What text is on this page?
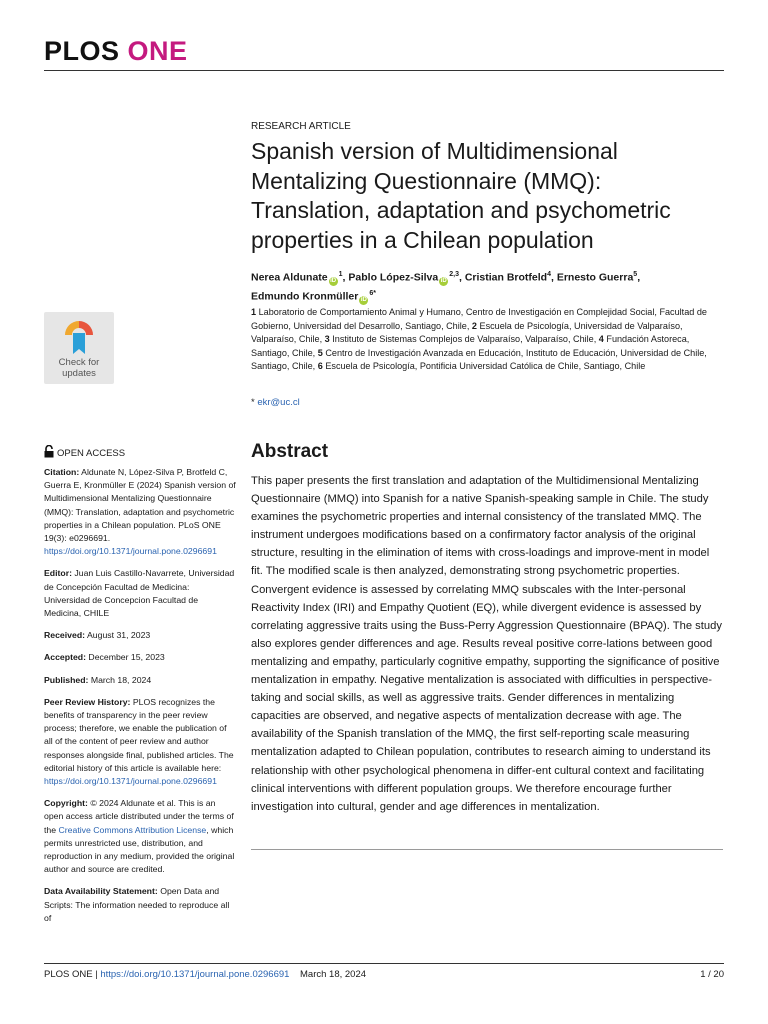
PLOS ONE
RESEARCH ARTICLE
Spanish version of Multidimensional Mentalizing Questionnaire (MMQ): Translation, adaptation and psychometric properties in a Chilean population
Nerea Aldunate $iD^1$, Pablo López-Silva iD$^{2,3}$, Cristian Brotfeld$^4$, Ernesto Guerra$^5$,
Edmundo Kronmüller $iD^{6*}$
1 Laboratorio de Comportamiento Animal y Humano, Centro de Investigación en Complejidad Social, Facultad de Gobierno, Universidad del Desarrollo, Santiago, Chile, 2 Escuela de Psicología, Universidad de Valparaíso, Valparaíso, Chile, 3 Instituto de Sistemas Complejos de Valparaíso, Valparaíso, Chile, 4 Fundación Astoreca, Santiago, Chile, 5 Centro de Investigación Avanzada en Educación, Instituto de Educación, Universidad de Chile, Santiago, Chile, 6 Escuela de Psicología, Pontificia Universidad Católica de Chile, Santiago, Chile
* ekr@uc.cl
Check for
updates
OPEN ACCESS
Citation: Aldunate N, López-Silva P, Brotfeld C, Guerra E, Kronmüller E (2024) Spanish version of Multidimensional Mentalizing Questionnaire (MMQ): Translation, adaptation and psychometric properties in a Chilean population. PLoS ONE 19(3): e0296691. https://doi.org/10.1371/journal.pone.0296691
Editor: Juan Luis Castillo-Navarrete, Universidad de Concepción Facultad de Medicina: Universidad de Concepcion Facultad de Medicina, CHILE
Received: August 31, 2023
Accepted: December 15, 2023
Published: March 18, 2024
Peer Review History: PLOS recognizes the benefits of transparency in the peer review process; therefore, we enable the publication of all of the content of peer review and author responses alongside final, published articles. The editorial history of this article is available here: https://doi.org/10.1371/journal.pone.0296691
Copyright: © 2024 Aldunate et al. This is an open access article distributed under the terms of the Creative Commons Attribution License, which permits unrestricted use, distribution, and reproduction in any medium, provided the original author and source are credited.
Data Availability Statement: Open Data and Scripts: The information needed to reproduce all of
Abstract

This paper presents the first translation and adaptation of the Multidimensional Mentalizing Questionnaire (MMQ) into Spanish for a native Spanish-speaking sample in Chile. The study examines the psychometric properties and internal consistency of the translated MMQ. The instrument undergoes modifications based on a confirmatory factor analysis of the original structure, resulting in the elimination of items with cross-loadings and improve-ment in model fit. The modified scale is then analyzed, demonstrating strong psychometric properties. Convergent evidence is assessed by correlating MMQ subscales with the Inter-personal Reactivity Index (IRI) and Empathy Quotient (EQ), while divergent evidence is assessed by correlating aggressive traits using the Buss-Perry Aggression Questionnaire (BPAQ). The study also explores gender differences and age. Results reveal positive corre-lations between good mentalizing and empathy, particularly cognitive empathy, supporting the significance of positive mentalization in empathy. Negative mentalization is associated with difficulties in perspective-taking and social skills, as well as aggressive traits. Gender differences in mentalizing capacities are observed, and negative aspects of mentalization decrease with age. The availability of the Spanish translation of the MMQ, the first self-reporting scale measuring mentalization adapted to Chilean population, contributes to research aiming to understand its relationship with other psychological phenomena in differ-ent cultural context and facilitating clinical interventions with different population groups. We therefore encourage further investigation into cultural, gender and age differences in mentalization.

PLOS ONE | https://doi.org/10.1371/journal.pone.0296691 March 18, 2024	1 / 20
